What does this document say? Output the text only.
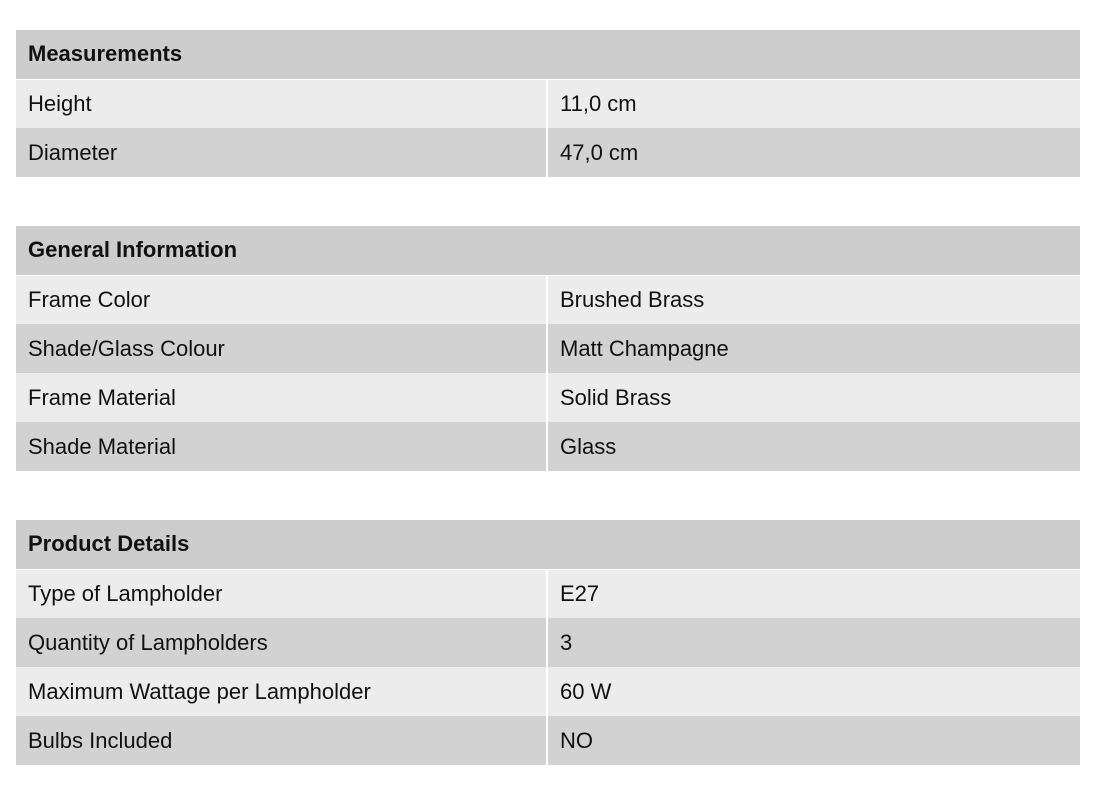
Measurements	
Height	11,0 cm
Diameter	47,0 cm
General Information	
Frame Color	Brushed Brass
Shade/Glass Colour	Matt Champagne
Frame Material	Solid Brass
Shade Material	Glass
Product Details	
Type of Lampholder	E27
Quantity of Lampholders	3
Maximum Wattage per Lampholder	60 W
Bulbs Included	NO
